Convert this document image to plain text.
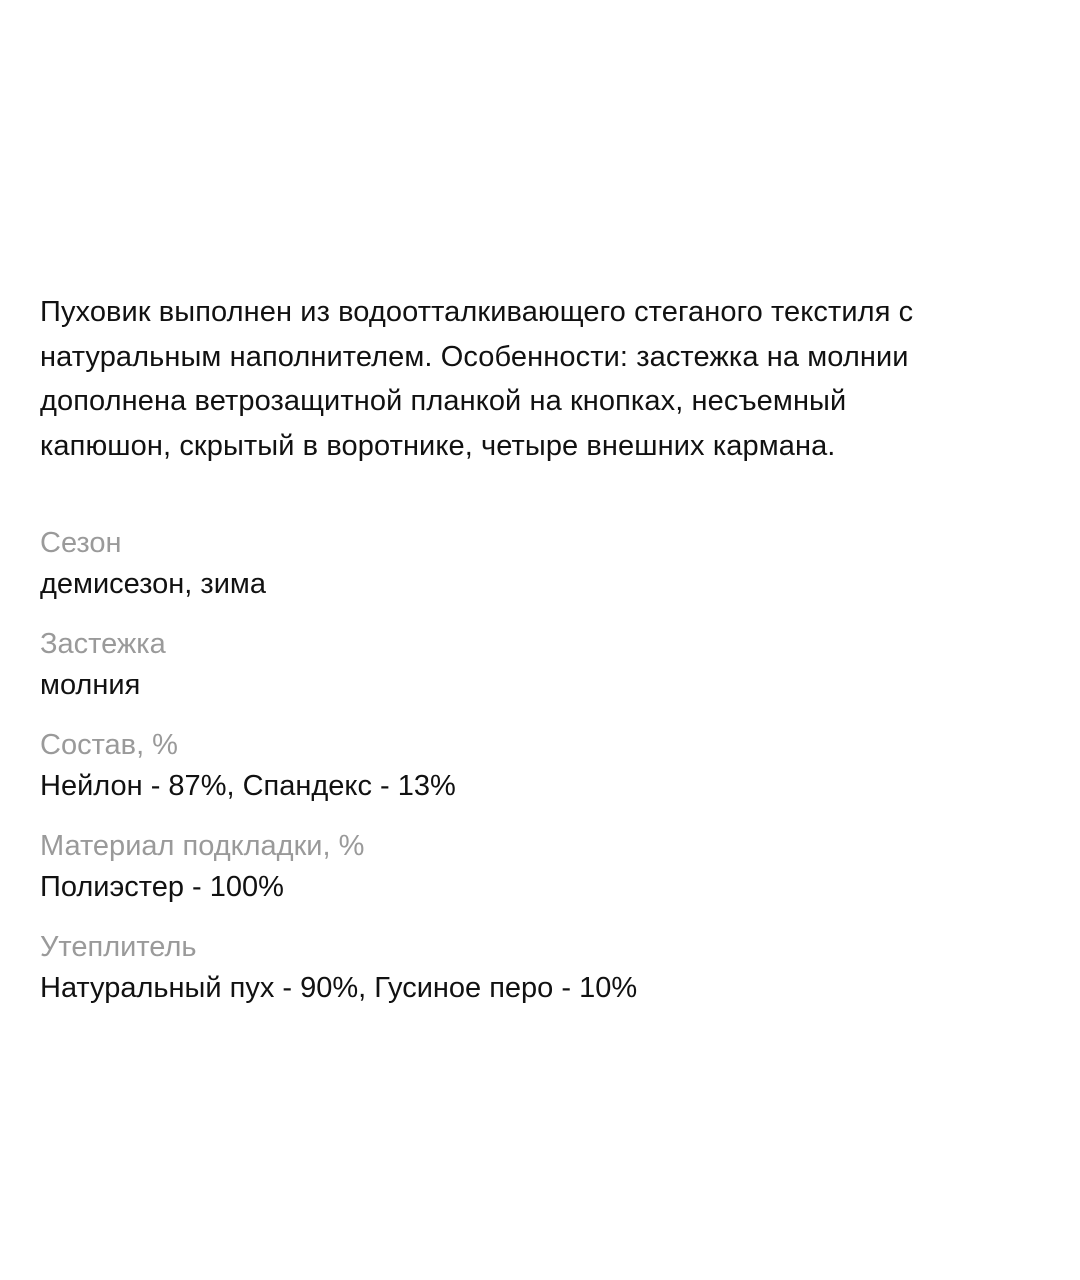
Пуховик выполнен из водоотталкивающего стеганого текстиля с
натуральным наполнителем. Особенности: застежка на молнии
дополнена ветрозащитной планкой на кнопках, несъемный
капюшон, скрытый в воротнике, четыре внешних кармана.

Сезон
демисезон, зима
Застежка
молния
Состав, %
Нейлон - 87%, Спандекс - 13%
Материал подкладки, %
Полиэстер - 100%
Утеплитель
Натуральный пух - 90%, Гусиное перо - 10%
